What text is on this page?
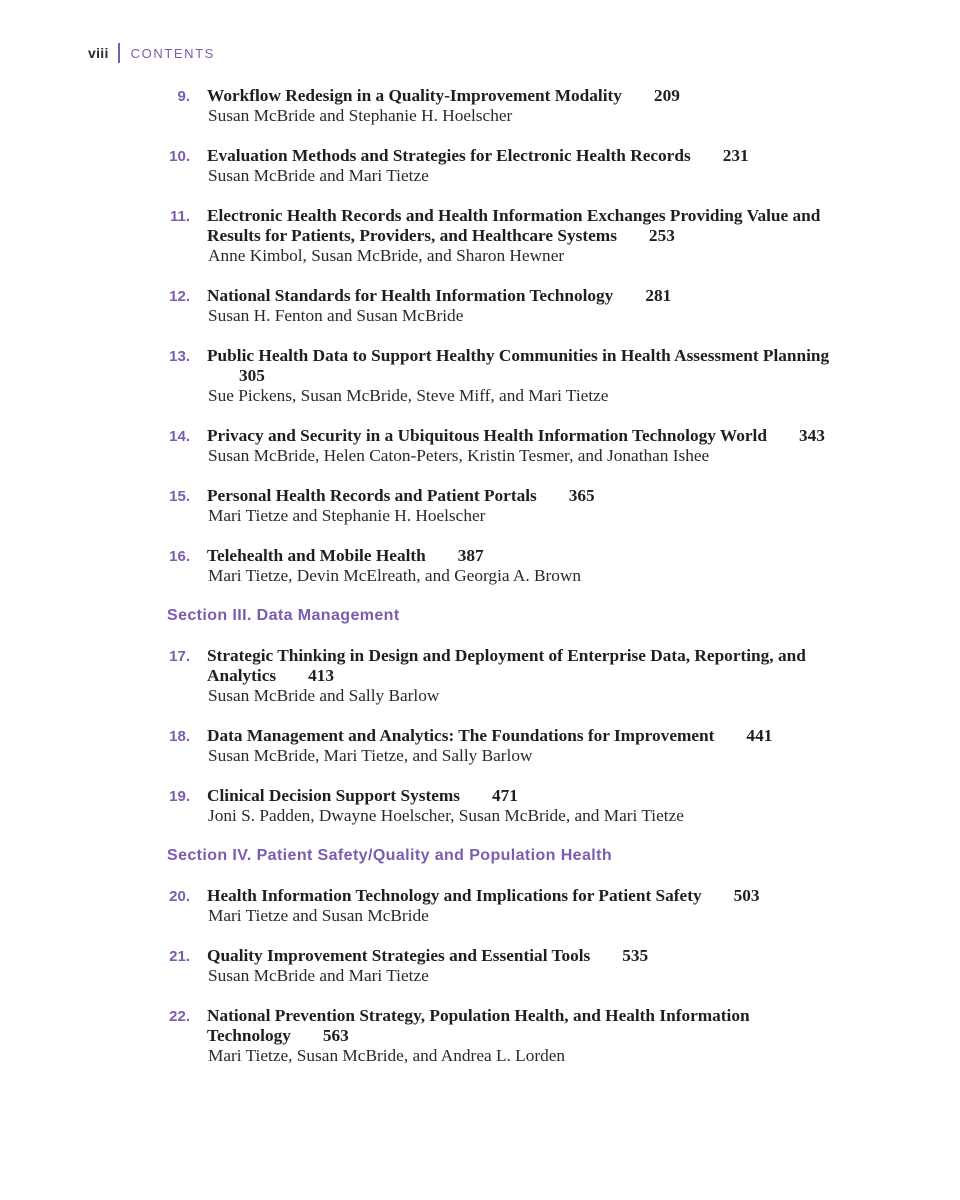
viii CONTENTS
9. Workflow Redesign in a Quality-Improvement Modality 209
Susan McBride and Stephanie H. Hoelscher
10. Evaluation Methods and Strategies for Electronic Health Records 231
Susan McBride and Mari Tietze
11. Electronic Health Records and Health Information Exchanges Providing Value and Results for Patients, Providers, and Healthcare Systems 253
Anne Kimbol, Susan McBride, and Sharon Hewner
12. National Standards for Health Information Technology 281
Susan H. Fenton and Susan McBride
13. Public Health Data to Support Healthy Communities in Health Assessment Planning305
Sue Pickens, Susan McBride, Steve Miff, and Mari Tietze
14. Privacy and Security in a Ubiquitous Health Information Technology World 343
Susan McBride, Helen Caton-Peters, Kristin Tesmer, and Jonathan Ishee
15. Personal Health Records and Patient Portals 365
Mari Tietze and Stephanie H. Hoelscher
16. Telehealth and Mobile Health 387
Mari Tietze, Devin McElreath, and Georgia A. Brown
Section III. Data Management
17. Strategic Thinking in Design and Deployment of Enterprise Data, Reporting, and Analytics 413
Susan McBride and Sally Barlow
18. Data Management and Analytics: The Foundations for Improvement 441
Susan McBride, Mari Tietze, and Sally Barlow
19. Clinical Decision Support Systems 471
Joni S. Padden, Dwayne Hoelscher, Susan McBride, and Mari Tietze
Section IV. Patient Safety/Quality and Population Health
20. Health Information Technology and Implications for Patient Safety 503
Mari Tietze and Susan McBride
21. Quality Improvement Strategies and Essential Tools 535
Susan McBride and Mari Tietze
22. National Prevention Strategy, Population Health, and Health Information Technology 563
Mari Tietze, Susan McBride, and Andrea L. Lorden
